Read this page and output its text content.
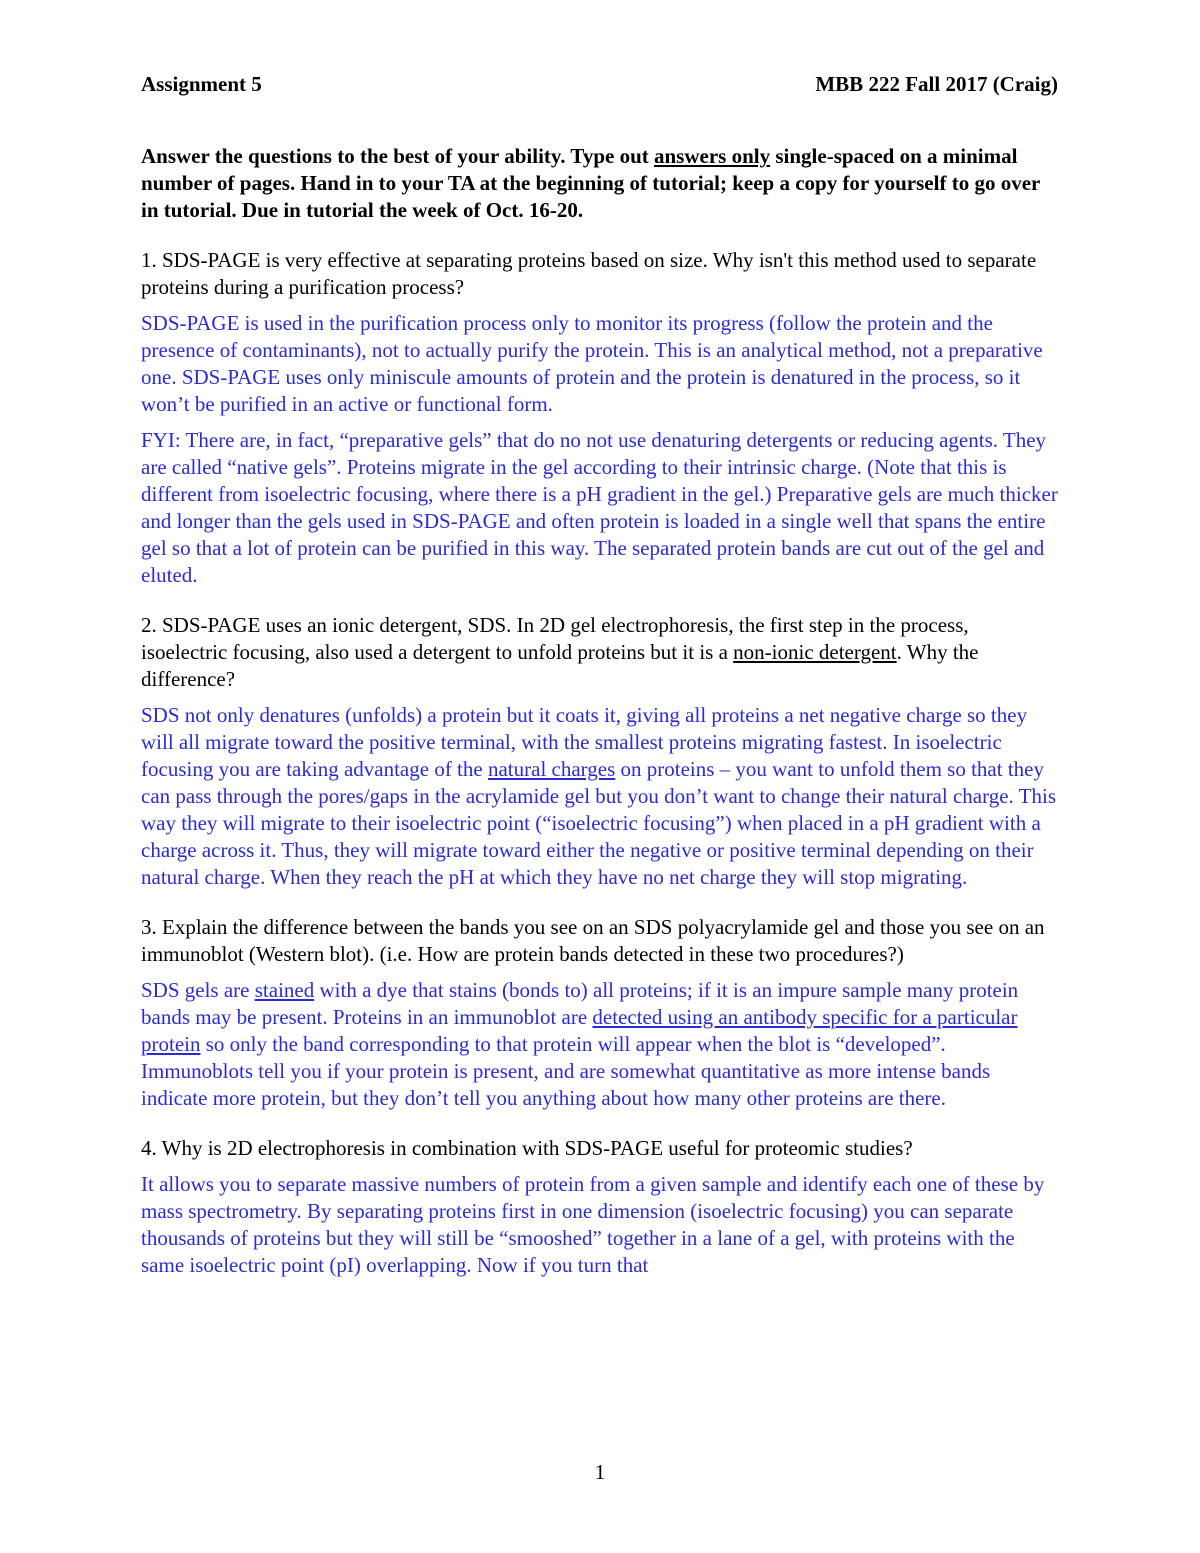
Assignment 5	MBB 222 Fall 2017 (Craig)

Answer the questions to the best of your ability. Type out answers only single-spaced on a minimal number of pages. Hand in to your TA at the beginning of tutorial; keep a copy for yourself to go over in tutorial. Due in tutorial the week of Oct. 16-20.

1. SDS-PAGE is very effective at separating proteins based on size. Why isn't this method used to separate proteins during a purification process?

SDS-PAGE is used in the purification process only to monitor its progress (follow the protein and the presence of contaminants), not to actually purify the protein. This is an analytical method, not a preparative one. SDS-PAGE uses only miniscule amounts of protein and the protein is denatured in the process, so it won’t be purified in an active or functional form.

FYI: There are, in fact, “preparative gels” that do no not use denaturing detergents or reducing agents. They are called “native gels”. Proteins migrate in the gel according to their intrinsic charge. (Note that this is different from isoelectric focusing, where there is a pH gradient in the gel.) Preparative gels are much thicker and longer than the gels used in SDS-PAGE and often protein is loaded in a single well that spans the entire gel so that a lot of protein can be purified in this way. The separated protein bands are cut out of the gel and eluted.

2. SDS-PAGE uses an ionic detergent, SDS. In 2D gel electrophoresis, the first step in the process, isoelectric focusing, also used a detergent to unfold proteins but it is a non-ionic detergent. Why the difference?

SDS not only denatures (unfolds) a protein but it coats it, giving all proteins a net negative charge so they will all migrate toward the positive terminal, with the smallest proteins migrating fastest. In isoelectric focusing you are taking advantage of the natural charges on proteins – you want to unfold them so that they can pass through the pores/gaps in the acrylamide gel but you don’t want to change their natural charge. This way they will migrate to their isoelectric point (“isoelectric focusing”) when placed in a pH gradient with a charge across it. Thus, they will migrate toward either the negative or positive terminal depending on their natural charge. When they reach the pH at which they have no net charge they will stop migrating.

3. Explain the difference between the bands you see on an SDS polyacrylamide gel and those you see on an immunoblot (Western blot). (i.e. How are protein bands detected in these two procedures?)

SDS gels are stained with a dye that stains (bonds to) all proteins; if it is an impure sample many protein bands may be present. Proteins in an immunoblot are detected using an antibody specific for a particular protein so only the band corresponding to that protein will appear when the blot is “developed”. Immunoblots tell you if your protein is present, and are somewhat quantitative as more intense bands indicate more protein, but they don’t tell you anything about how many other proteins are there.

4. Why is 2D electrophoresis in combination with SDS-PAGE useful for proteomic studies?

It allows you to separate massive numbers of protein from a given sample and identify each one of these by mass spectrometry. By separating proteins first in one dimension (isoelectric focusing) you can separate thousands of proteins but they will still be “smooshed” together in a lane of a gel, with proteins with the same isoelectric point (pI) overlapping. Now if you turn that

1
